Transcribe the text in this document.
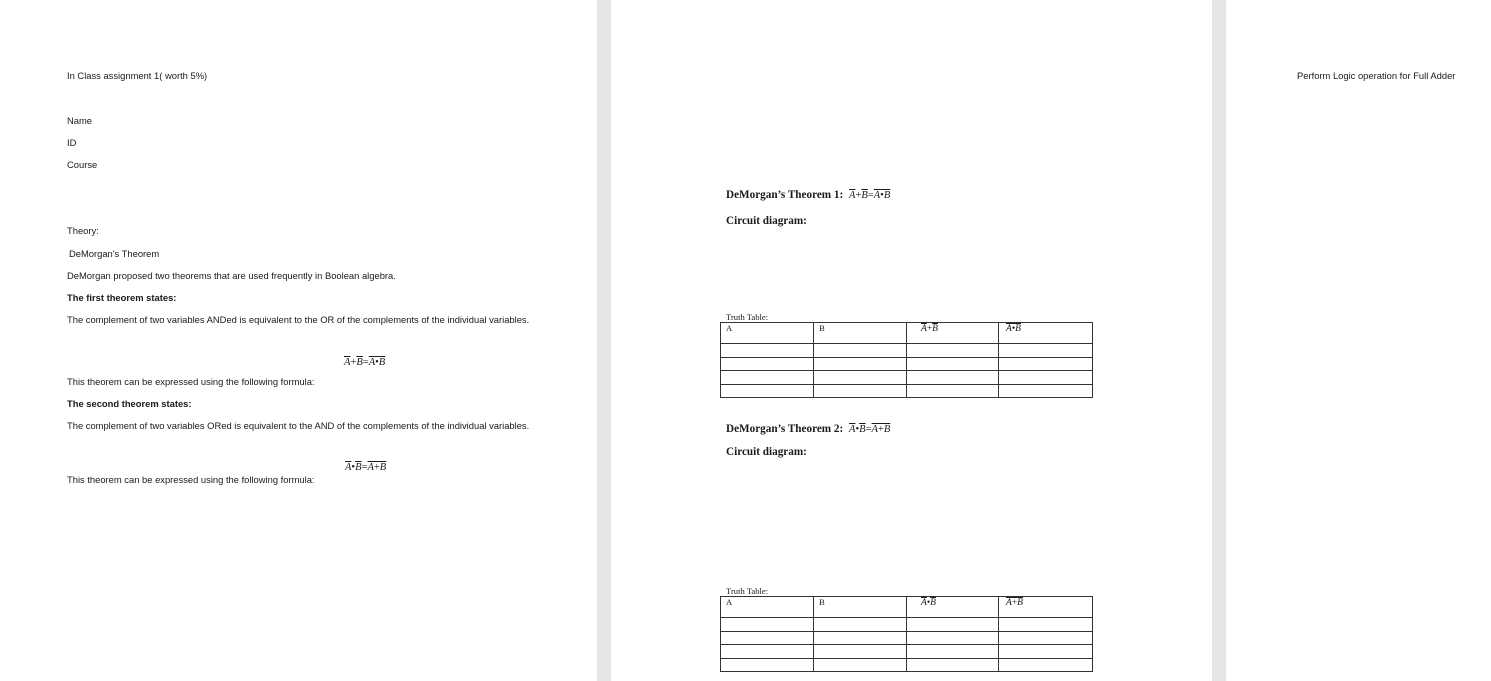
In Class assignment 1( worth 5%)
Name
ID
Course
Theory:
DeMorgan's Theorem
DeMorgan proposed two theorems that are used frequently in Boolean algebra.
The first theorem states:
The complement of two variables ANDed is equivalent to the OR of the complements of the individual variables.
$\overline{A}+\overline{B}=A•B$
This theorem can be expressed using the following formula:
The second theorem states:
The complement of two variables ORed is equivalent to the AND of the complements of the individual variables.
$\overline{A}•\overline{B}=A+B$
This theorem can be expressed using the following formula:
DeMorgan’s Theorem 1: $\overline{A}+\overline{B}=A•B$
Circuit diagram:
Truth Table:
A	B	$\overline{A}+\overline{B}$	A•B

DeMorgan’s Theorem 2: $\overline{A}•\overline{B}=A+B$
Circuit diagram:
Truth Table:
A	B	$\overline{A}•\overline{B}$	A+B

Perform Logic operation for Full Adder
